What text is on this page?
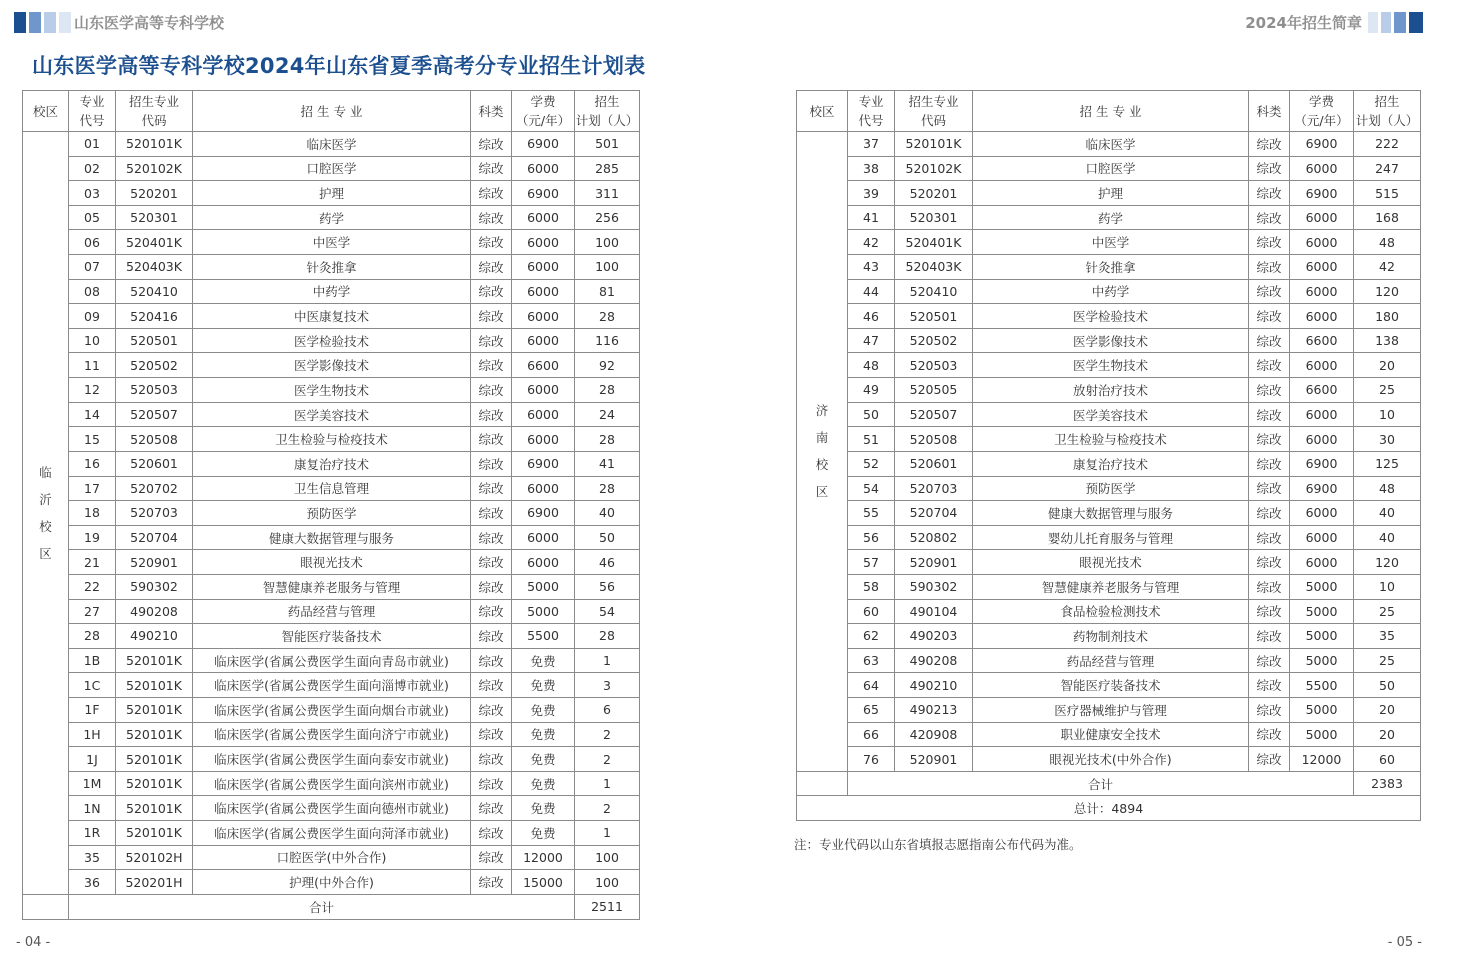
山东医学高等专科学校	2024年招生简章
山东医学高等专科学校2024年山东省夏季高考分专业招生计划表
校区	专业
代号	招生专业
代码	招 生 专 业	科类	学费
（元/年）	招生
计划（人）

临
沂
校
区	01	520101K	临床医学	综改	6900	501
	02	520102K	口腔医学	综改	6000	285
	03	520201	护理	综改	6900	311
	05	520301	药学	综改	6000	256
	06	520401K	中医学	综改	6000	100
	07	520403K	针灸推拿	综改	6000	100
	08	520410	中药学	综改	6000	81
	09	520416	中医康复技术	综改	6000	28
	10	520501	医学检验技术	综改	6000	116
	11	520502	医学影像技术	综改	6600	92
	12	520503	医学生物技术	综改	6000	28
	14	520507	医学美容技术	综改	6000	24
	15	520508	卫生检验与检疫技术	综改	6000	28
	16	520601	康复治疗技术	综改	6900	41
	17	520702	卫生信息管理	综改	6000	28
	18	520703	预防医学	综改	6900	40
	19	520704	健康大数据管理与服务	综改	6000	50
	21	520901	眼视光技术	综改	6000	46
	22	590302	智慧健康养老服务与管理	综改	5000	56
	27	490208	药品经营与管理	综改	5000	54
	28	490210	智能医疗装备技术	综改	5500	28
	1B	520101K	临床医学(省属公费医学生面向青岛市就业)	综改	免费	1
	1C	520101K	临床医学(省属公费医学生面向淄博市就业)	综改	免费	3
	1F	520101K	临床医学(省属公费医学生面向烟台市就业)	综改	免费	6
	1H	520101K	临床医学(省属公费医学生面向济宁市就业)	综改	免费	2
	1J	520101K	临床医学(省属公费医学生面向泰安市就业)	综改	免费	2
	1M	520101K	临床医学(省属公费医学生面向滨州市就业)	综改	免费	1
	1N	520101K	临床医学(省属公费医学生面向德州市就业)	综改	免费	2
	1R	520101K	临床医学(省属公费医学生面向菏泽市就业)	综改	免费	1
	35	520102H	口腔医学(中外合作)	综改	12000	100
	36	520201H	护理(中外合作)	综改	15000	100
	合计					2511
校区	专业
代号	招生专业
代码	招 生 专 业	科类	学费
（元/年）	招生
计划（人）

济
南
校
区	37	520101K	临床医学	综改	6900	222
	38	520102K	口腔医学	综改	6000	247
	39	520201	护理	综改	6900	515
	41	520301	药学	综改	6000	168
	42	520401K	中医学	综改	6000	48
	43	520403K	针灸推拿	综改	6000	42
	44	520410	中药学	综改	6000	120
	46	520501	医学检验技术	综改	6000	180
	47	520502	医学影像技术	综改	6600	138
	48	520503	医学生物技术	综改	6000	20
	49	520505	放射治疗技术	综改	6600	25
	50	520507	医学美容技术	综改	6000	10
	51	520508	卫生检验与检疫技术	综改	6000	30
	52	520601	康复治疗技术	综改	6900	125
	54	520703	预防医学	综改	6900	48
	55	520704	健康大数据管理与服务	综改	6000	40
	56	520802	婴幼儿托育服务与管理	综改	6000	40
	57	520901	眼视光技术	综改	6000	120
	58	590302	智慧健康养老服务与管理	综改	5000	10
	60	490104	食品检验检测技术	综改	5000	25
	62	490203	药物制剂技术	综改	5000	35
	63	490208	药品经营与管理	综改	5000	25
	64	490210	智能医疗装备技术	综改	5500	50
	65	490213	医疗器械维护与管理	综改	5000	20
	66	420908	职业健康安全技术	综改	5000	20
	76	520901	眼视光技术(中外合作)	综改	12000	60
	合计					2383
总计：4894						
注：专业代码以山东省填报志愿指南公布代码为准。
- 04 -	- 05 -
